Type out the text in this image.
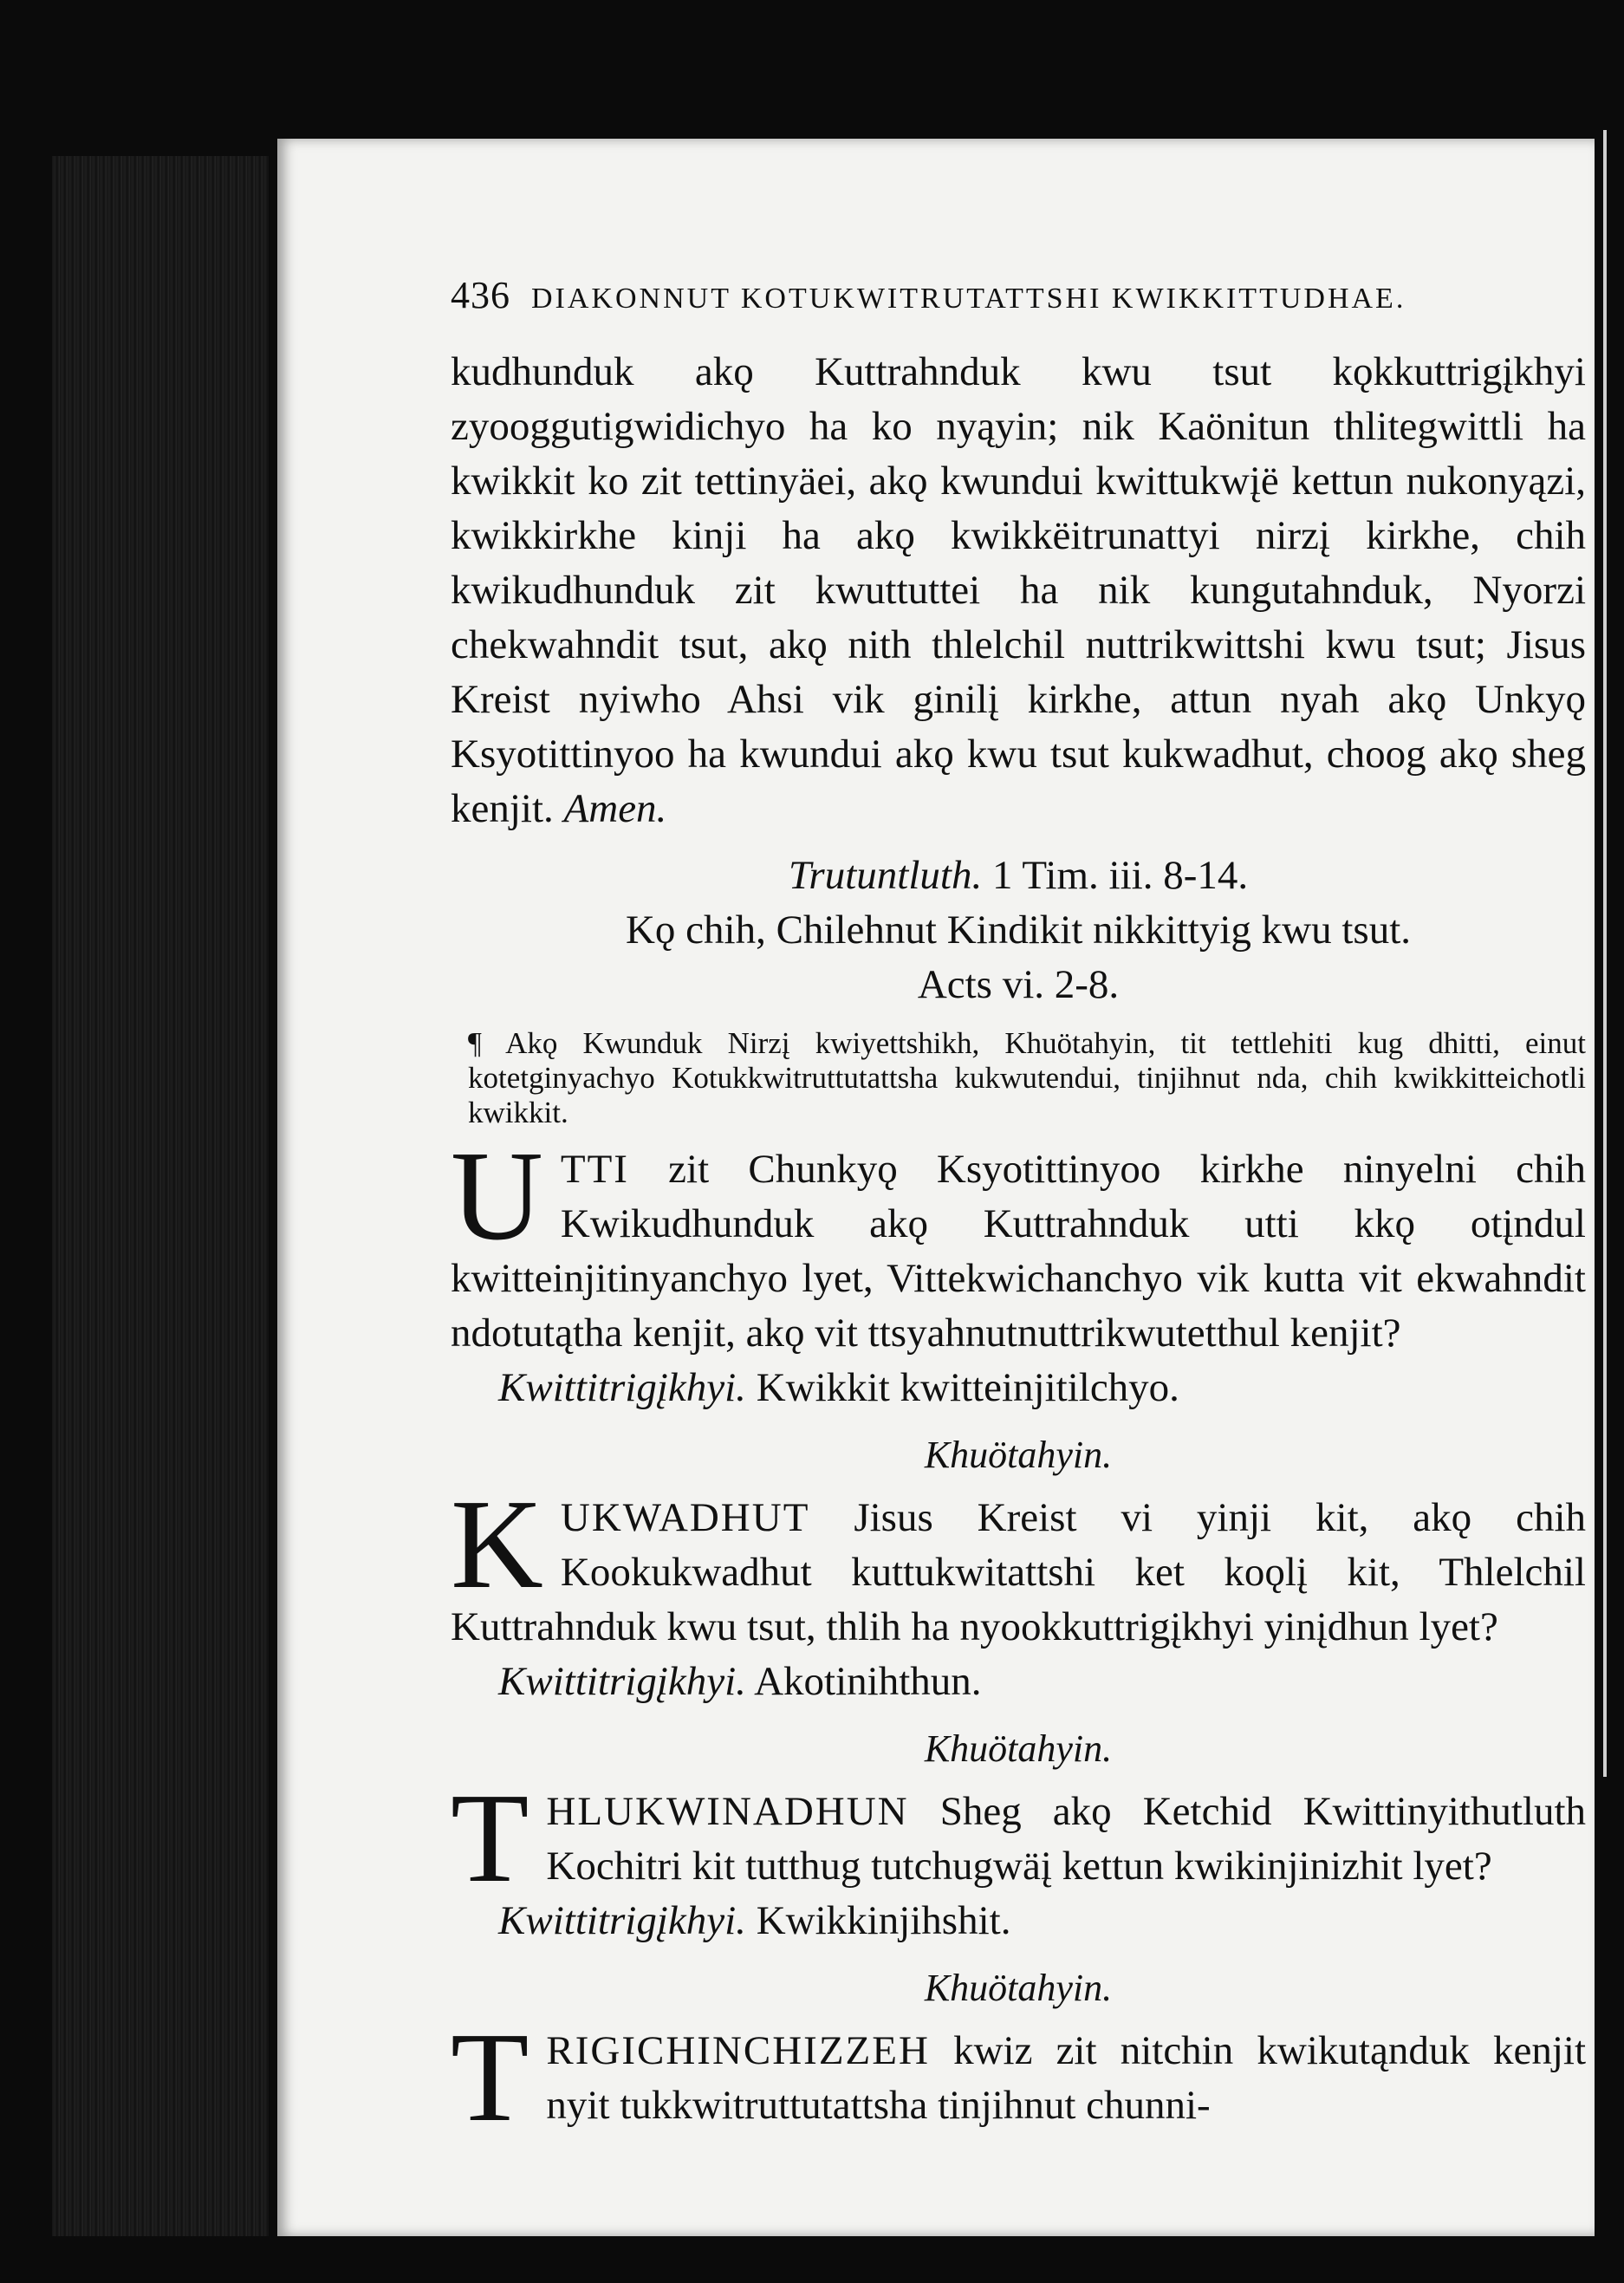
436 DIAKONNUT KOTUKWITRUTATTSHI KWIKKITTUDHAE.

kudhunduk akǫ Kuttrahnduk kwu tsut kǫkkuttrigįkhyi zyooggutigwidichyo ha ko nyąyin; nik Kaönitun thlitegwittli ha kwikkit ko zit tettinyäei, akǫ kwundui kwittukwįë kettun nukonyązi, kwikkirkhe kinji ha akǫ kwikkëitrunattyi nirzį kirkhe, chih kwikudhunduk zit kwuttuttei ha nik kungutahnduk, Nyorzi chekwahndit tsut, akǫ nith thlelchil nuttrikwittshi kwu tsut; Jisus Kreist nyiwho Ahsi vik ginilį kirkhe, attun nyah akǫ Unkyǫ Ksyotittinyoo ha kwundui akǫ kwu tsut kukwadhut, choog akǫ sheg kenjit. Amen.

Trutuntluth. 1 Tim. iii. 8-14.

Kǫ chih, Chilehnut Kindikit nikkittyig kwu tsut.

Acts vi. 2-8.

¶ Akǫ Kwunduk Nirzį kwiyettshikh, Khuötahyin, tit tettlehiti kug dhitti, einut kotetginyachyo Kotukkwitruttutattsha kukwutendui, tinjihnut nda, chih kwikkitteichotli kwikkit.

U TTI zit Chunkyǫ Ksyotittinyoo kirkhe ninyelni chih Kwikudhunduk akǫ Kuttrahnduk utti kkǫ otįndul kwitteinjitinyanchyo lyet, Vittekwichanchyo vik kutta vit ekwahndit ndotutątha kenjit, akǫ vit ttsyahnutnuttrikwutetthul kenjit?

Kwittitrigįkhyi. Kwikkit kwitteinjitilchyo.

Khuötahyin.

K UKWADHUT Jisus Kreist vi yinji kit, akǫ chih Kookukwadhut kuttukwitattshi ket koǫlį kit, Thlelchil Kuttrahnduk kwu tsut, thlih ha nyookkuttrigįkhyi yinįdhun lyet?

Kwittitrigįkhyi. Akotinihthun.

Khuötahyin.

T HLUKWINADHUN Sheg akǫ Ketchid Kwittinyithutluth Kochitri kit tutthug tutchugwäį kettun kwikinjinizhit lyet?

Kwittitrigįkhyi. Kwikkinjihshit.

Khuötahyin.

T RIGICHINCHIZZEH kwiz zit nitchin kwikutąnduk kenjit nyit tukkwitruttutattsha tinjihnut chunni-
